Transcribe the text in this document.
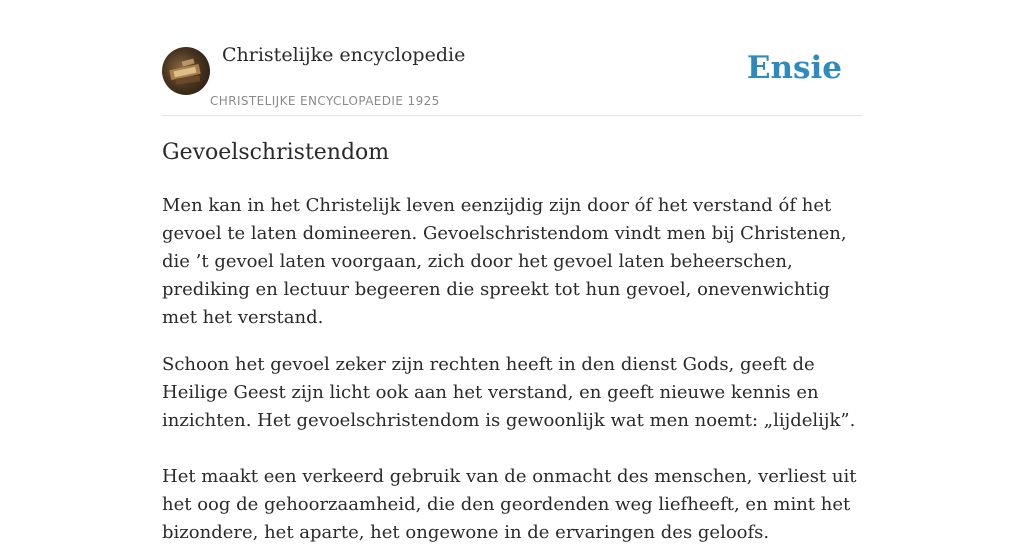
Christelijke encyclopedie
CHRISTELIJKE ENCYCLOPAEDIE 1925
Ensie
Gevoelschristendom

Men kan in het Christelijk leven eenzijdig zijn door óf het verstand óf het gevoel te laten domineeren. Gevoelschristendom vindt men bij Christenen, die ’t gevoel laten voorgaan, zich door het gevoel laten beheerschen, prediking en lectuur begeeren die spreekt tot hun gevoel, onevenwichtig met het verstand.

Schoon het gevoel zeker zijn rechten heeft in den dienst Gods, geeft de Heilige Geest zijn licht ook aan het verstand, en geeft nieuwe kennis en inzichten. Het gevoelschristendom is gewoonlijk wat men noemt: „lijdelijk”.

Het maakt een verkeerd gebruik van de onmacht des menschen, verliest uit het oog de gehoorzaamheid, die den geordenden weg liefheeft, en mint het bizondere, het aparte, het ongewone in de ervaringen des geloofs.
